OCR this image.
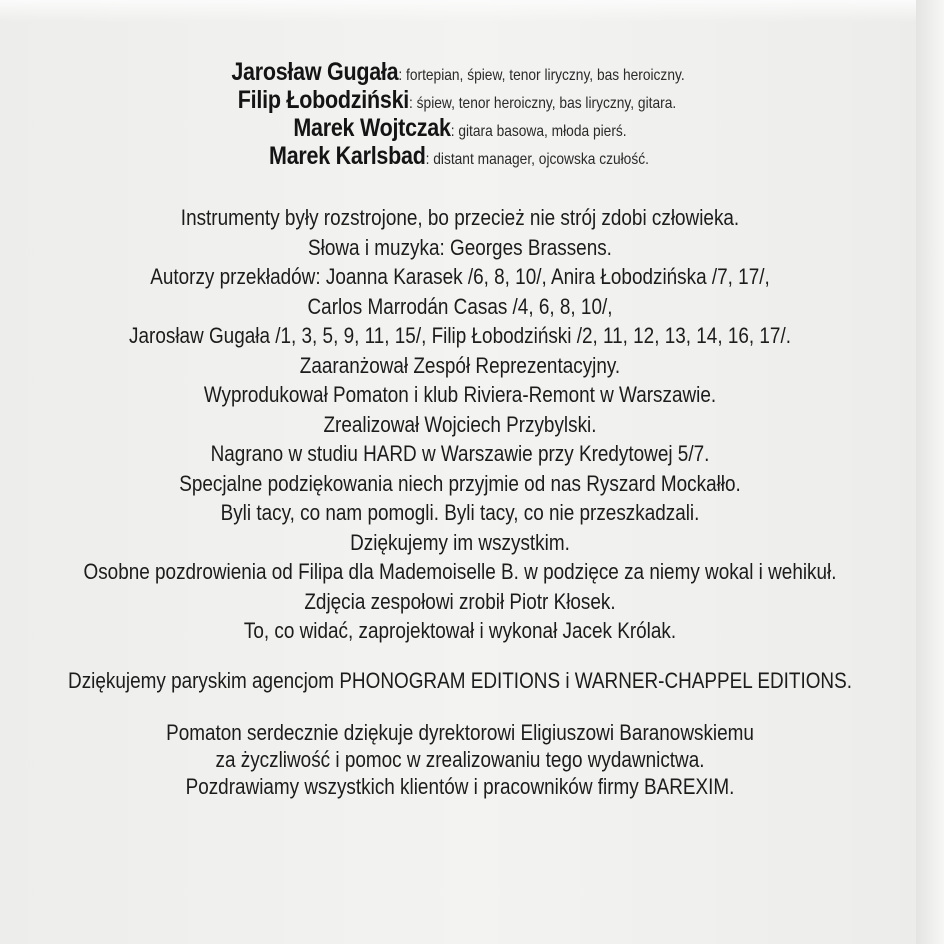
Jarosław Gugała: fortepian, śpiew, tenor liryczny, bas heroiczny.
Filip Łobodziński: śpiew, tenor heroiczny, bas liryczny, gitara.
Marek Wojtczak: gitara basowa, młoda pierś.
Marek Karlsbad: distant manager, ojcowska czułość.
Instrumenty były rozstrojone, bo przecież nie strój zdobi człowieka.
Słowa i muzyka: Georges Brassens.
Autorzy przekładów: Joanna Karasek /6, 8, 10/, Anira Łobodzińska /7, 17/,
Carlos Marrodán Casas /4, 6, 8, 10/,
Jarosław Gugała /1, 3, 5, 9, 11, 15/, Filip Łobodziński /2, 11, 12, 13, 14, 16, 17/.
Zaaranżował Zespół Reprezentacyjny.
Wyprodukował Pomaton i klub Riviera-Remont w Warszawie.
Zrealizował Wojciech Przybylski.
Nagrano w studiu HARD w Warszawie przy Kredytowej 5/7.
Specjalne podziękowania niech przyjmie od nas Ryszard Mockałło.
Byli tacy, co nam pomogli. Byli tacy, co nie przeszkadzali.
Dziękujemy im wszystkim.
Osobne pozdrowienia od Filipa dla Mademoiselle B. w podzięce za niemy wokal i wehikuł.
Zdjęcia zespołowi zrobił Piotr Kłosek.
To, co widać, zaprojektował i wykonał Jacek Królak.
Dziękujemy paryskim agencjom PHONOGRAM EDITIONS i WARNER-CHAPPEL EDITIONS.
Pomaton serdecznie dziękuje dyrektorowi Eligiuszowi Baranowskiemu
za życzliwość i pomoc w zrealizowaniu tego wydawnictwa.
Pozdrawiamy wszystkich klientów i pracowników firmy BAREXIM.
